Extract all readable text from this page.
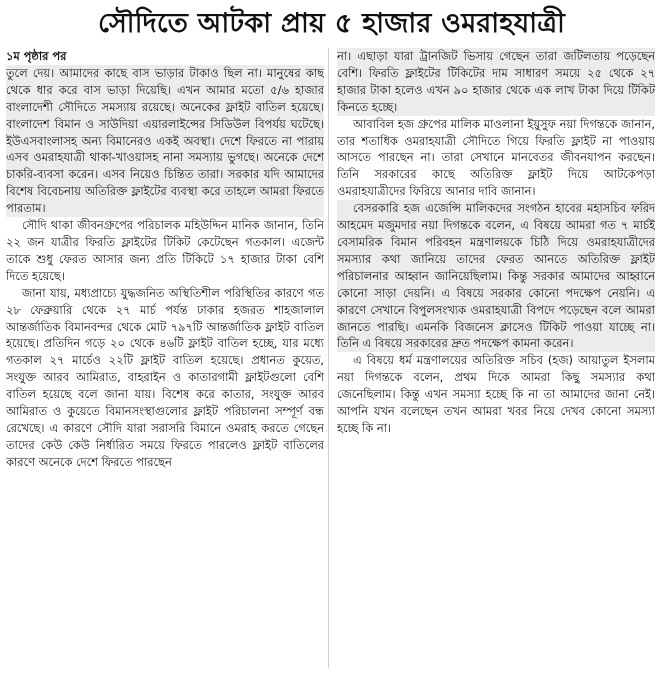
সৌদিতে আটকা প্রায় ৫ হাজার ওমরাহযাত্রী

১ম পৃষ্ঠার পর

তুলে দেয়। আমাদের কাছে বাস ভাড়ার টাকাও ছিল না। মানুষের কাছ থেকে ধার করে বাস ভাড়া দিয়েছি। এখন আমার মতো ৫/৬ হাজার বাংলাদেশী সৌদিতে সমস্যায় রয়েছে। অনেকের ফ্লাইট বাতিল হয়েছে। বাংলাদেশ বিমান ও সাউদিয়া এয়ারলাইন্সের সিডিউল বিপর্যয় ঘটেছে। ইউএসবাংলাসহ অন্য বিমানেরও একই অবস্থা। দেশে ফিরতে না পারায় এসব ওমরাহযাত্রী থাকা-খাওয়াসহ নানা সমস্যায় ভুগছে। অনেকে দেশে চাকরি-ব্যবসা করেন। এসব নিয়েও চিন্তিত তারা। সরকার যদি আমাদের বিশেষ বিবেচনায় অতিরিক্ত ফ্লাইটের ব্যবস্থা করে তাহলে আমরা ফিরতে পারতাম।

সৌদি থাকা জীবনগ্রুপের পরিচালক মহিউদ্দিন মানিক জানান, তিনি ২২ জন যাত্রীর ফিরতি ফ্লাইটের টিকিট কেটেছেন গতকাল। এজেন্ট তাকে শুধু ফেরত আসার জন্য প্রতি টিকিটে ১৭ হাজার টাকা বেশি দিতে হয়েছে।

জানা যায়, মধ্যপ্রাচ্যে যুদ্ধজনিত অস্থিতিশীল পরিস্থিতির কারণে গত ২৮ ফেব্রুয়ারি থেকে ২৭ মার্চ পর্যন্ত ঢাকার হজরত শাহজালাল আন্তর্জাতিক বিমানবন্দর থেকে মোট ৭৯৭টি আন্তর্জাতিক ফ্লাইট বাতিল হয়েছে। প্রতিদিন গড়ে ২০ থেকে ৪৬টি ফ্লাইট বাতিল হচ্ছে, যার মধ্যে গতকাল ২৭ মার্চেও ২২টি ফ্লাইট বাতিল হয়েছে। প্রধানত কুয়েত, সংযুক্ত আরব আমিরাত, বাহরাইন ও কাতারগামী ফ্লাইটগুলো বেশি বাতিল হয়েছে বলে জানা যায়। বিশেষ করে কাতার, সংযুক্ত আরব আমিরাত ও কুয়েতে বিমানসংস্থাগুলোর ফ্লাইট পরিচালনা সম্পূর্ণ বন্ধ রেখেছে। এ কারণে সৌদি যারা সরাসরি বিমানে ওমরাহ করতে গেছেন তাদের কেউ কেউ নির্ধারিত সময়ে ফিরতে পারলেও ফ্লাইট বাতিলের কারণে অনেকে দেশে ফিরতে পারছেন

না। এছাড়া যারা ট্রানজিট ভিসায় গেছেন তারা জটিলতায় পড়েছেন বেশি। ফিরতি ফ্লাইটের টিকিটের দাম সাধারণ সময়ে ২৫ থেকে ২৭ হাজার টাকা হলেও এখন ৯০ হাজার থেকে এক লাখ টাকা দিয়ে টিকিট কিনতে হচ্ছে।

আবাবিল হজ গ্রুপের মালিক মাওলানা ইয়ুসুফ নয়া দিগন্তকে জানান, তার শতাধিক ওমরাহযাত্রী সৌদিতে গিয়ে ফিরতি ফ্লাইট না পাওয়ায় আসতে পারছেন না। তারা সেখানে মানবেতর জীবনযাপন করছেন। তিনি সরকারের কাছে অতিরিক্ত ফ্লাইট দিয়ে আটকেপড়া ওমরাহযাত্রীদের ফিরিয়ে আনার দাবি জানান।

বেসরকারি হজ এজেন্সি মালিকদের সংগঠন হাবের মহাসচিব ফরিদ আহমেদ মজুমদার নয়া দিগন্তকে বলেন, এ বিষয়ে আমরা গত ৭ মার্চই বেসামরিক বিমান পরিবহন মন্ত্রণালয়কে চিঠি দিয়ে ওমরাহযাত্রীদের সমস্যার কথা জানিয়ে তাদের ফেরত আনতে অতিরিক্ত ফ্লাইট পরিচালনার আহ্বান জানিয়েছিলাম। কিন্তু সরকার আমাদের আহ্বানে কোনো সাড়া দেয়নি। এ বিষয়ে সরকার কোনো পদক্ষেপ নেয়নি। এ কারণে সেখানে বিপুলসংখ্যক ওমরাহযাত্রী বিপদে পড়েছেন বলে আমরা জানতে পারছি। এমনকি বিজনেস ক্লাসেও টিকিট পাওয়া যাচ্ছে না। তিনি এ বিষয়ে সরকারের দ্রুত পদক্ষেপ কামনা করেন।

এ বিষয়ে ধর্ম মন্ত্রণালয়ের অতিরিক্ত সচিব (হজ) আয়াতুল ইসলাম নয়া দিগন্তকে বলেন, প্রথম দিকে আমরা কিছু সমস্যার কথা জেনেছিলাম। কিন্তু এখন সমস্যা হচ্ছে কি না তা আমাদের জানা নেই। আপনি যখন বলেছেন তখন আমরা খবর নিয়ে দেখব কোনো সমস্যা হচ্ছে কি না।
